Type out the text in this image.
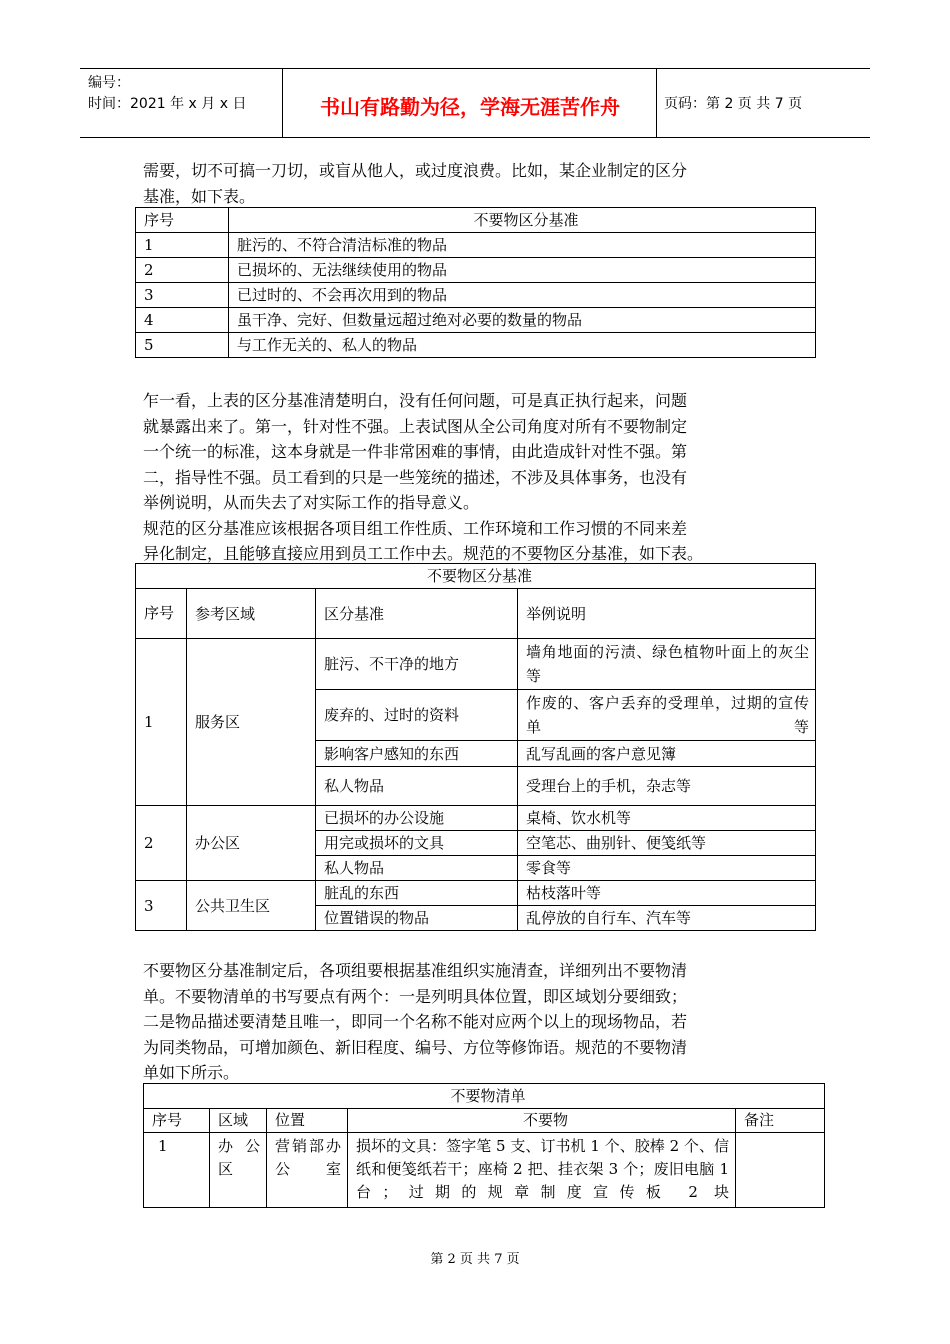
编号：
时间：2021 年 x 月 x 日	书山有路勤为径，学海无涯苦作舟	页码：第 2 页 共 7 页
需要，切不可搞一刀切，或盲从他人，或过度浪费。比如，某企业制定的区分
基准，如下表。
序号	不要物区分基准
1	脏污的、不符合清洁标准的物品
2	已损坏的、无法继续使用的物品
3	已过时的、不会再次用到的物品
4	虽干净、完好、但数量远超过绝对必要的数量的物品
5	与工作无关的、私人的物品
乍一看，上表的区分基准清楚明白，没有任何问题，可是真正执行起来，问题
就暴露出来了。第一，针对性不强。上表试图从全公司角度对所有不要物制定
一个统一的标准，这本身就是一件非常困难的事情，由此造成针对性不强。第
二，指导性不强。员工看到的只是一些笼统的描述，不涉及具体事务，也没有
举例说明，从而失去了对实际工作的指导意义。
规范的区分基准应该根据各项目组工作性质、工作环境和工作习惯的不同来差
异化制定，且能够直接应用到员工工作中去。规范的不要物区分基准，如下表。
不要物区分基准			
序号	参考区域	区分基准	举例说明
1	服务区	脏污、不干净的地方	墙角地面的污渍、绿色植物叶面上的灰尘等
		废弃的、过时的资料	作废的、客户丢弃的受理单，过期的宣传单等
		影响客户感知的东西	乱写乱画的客户意见簿
		私人物品	受理台上的手机，杂志等
2	办公区	已损坏的办公设施	桌椅、饮水机等
		用完或损坏的文具	空笔芯、曲别针、便笺纸等
		私人物品	零食等
3	公共卫生区	脏乱的东西	枯枝落叶等
		位置错误的物品	乱停放的自行车、汽车等
不要物区分基准制定后，各项组要根据基准组织实施清查，详细列出不要物清
单。不要物清单的书写要点有两个：一是列明具体位置，即区域划分要细致；
二是物品描述要清楚且唯一，即同一个名称不能对应两个以上的现场物品，若
为同类物品，可增加颜色、新旧程度、编号、方位等修饰语。规范的不要物清
单如下所示。
不要物清单				
序号	区域	位置	不要物	备注
1	办公区	营销部办公室	损坏的文具：签字笔 5 支、订书机 1 个、胶棒 2 个、信纸和便笺纸若干；座椅 2 把、挂衣架 3 个；废旧电脑 1 台；过期的规章制度宣传板 2 块	
第 2 页 共 7 页
